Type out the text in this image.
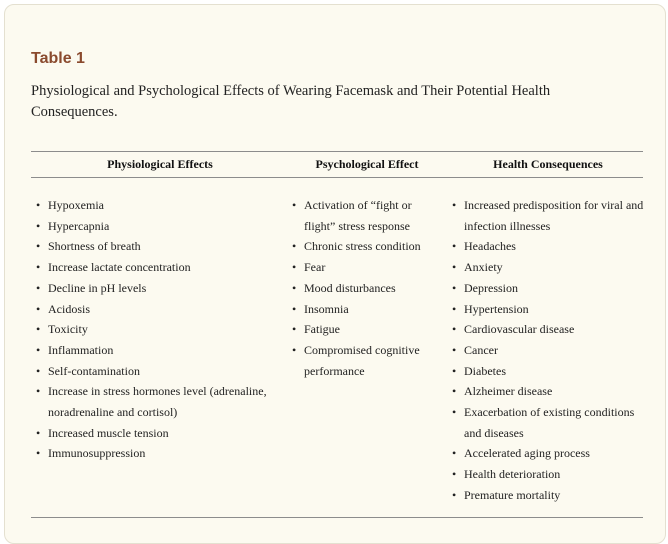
Table 1
Physiological and Psychological Effects of Wearing Facemask and Their Potential Health Consequences.
Physiological Effects	Psychological Effect	Health Consequences
• Hypoxemia
• Hypercapnia
• Shortness of breath
• Increase lactate concentration
• Decline in pH levels
• Acidosis
• Toxicity
• Inflammation
• Self-contamination
• Increase in stress hormones level (adrenaline, noradrenaline and cortisol)
• Increased muscle tension
• Immunosuppression
• Activation of “fight or flight” stress response
• Chronic stress condition
• Fear
• Mood disturbances
• Insomnia
• Fatigue
• Compromised cognitive performance
• Increased predisposition for viral and infection illnesses
• Headaches
• Anxiety
• Depression
• Hypertension
• Cardiovascular disease
• Cancer
• Diabetes
• Alzheimer disease
• Exacerbation of existing conditions and diseases
• Accelerated aging process
• Health deterioration
• Premature mortality
